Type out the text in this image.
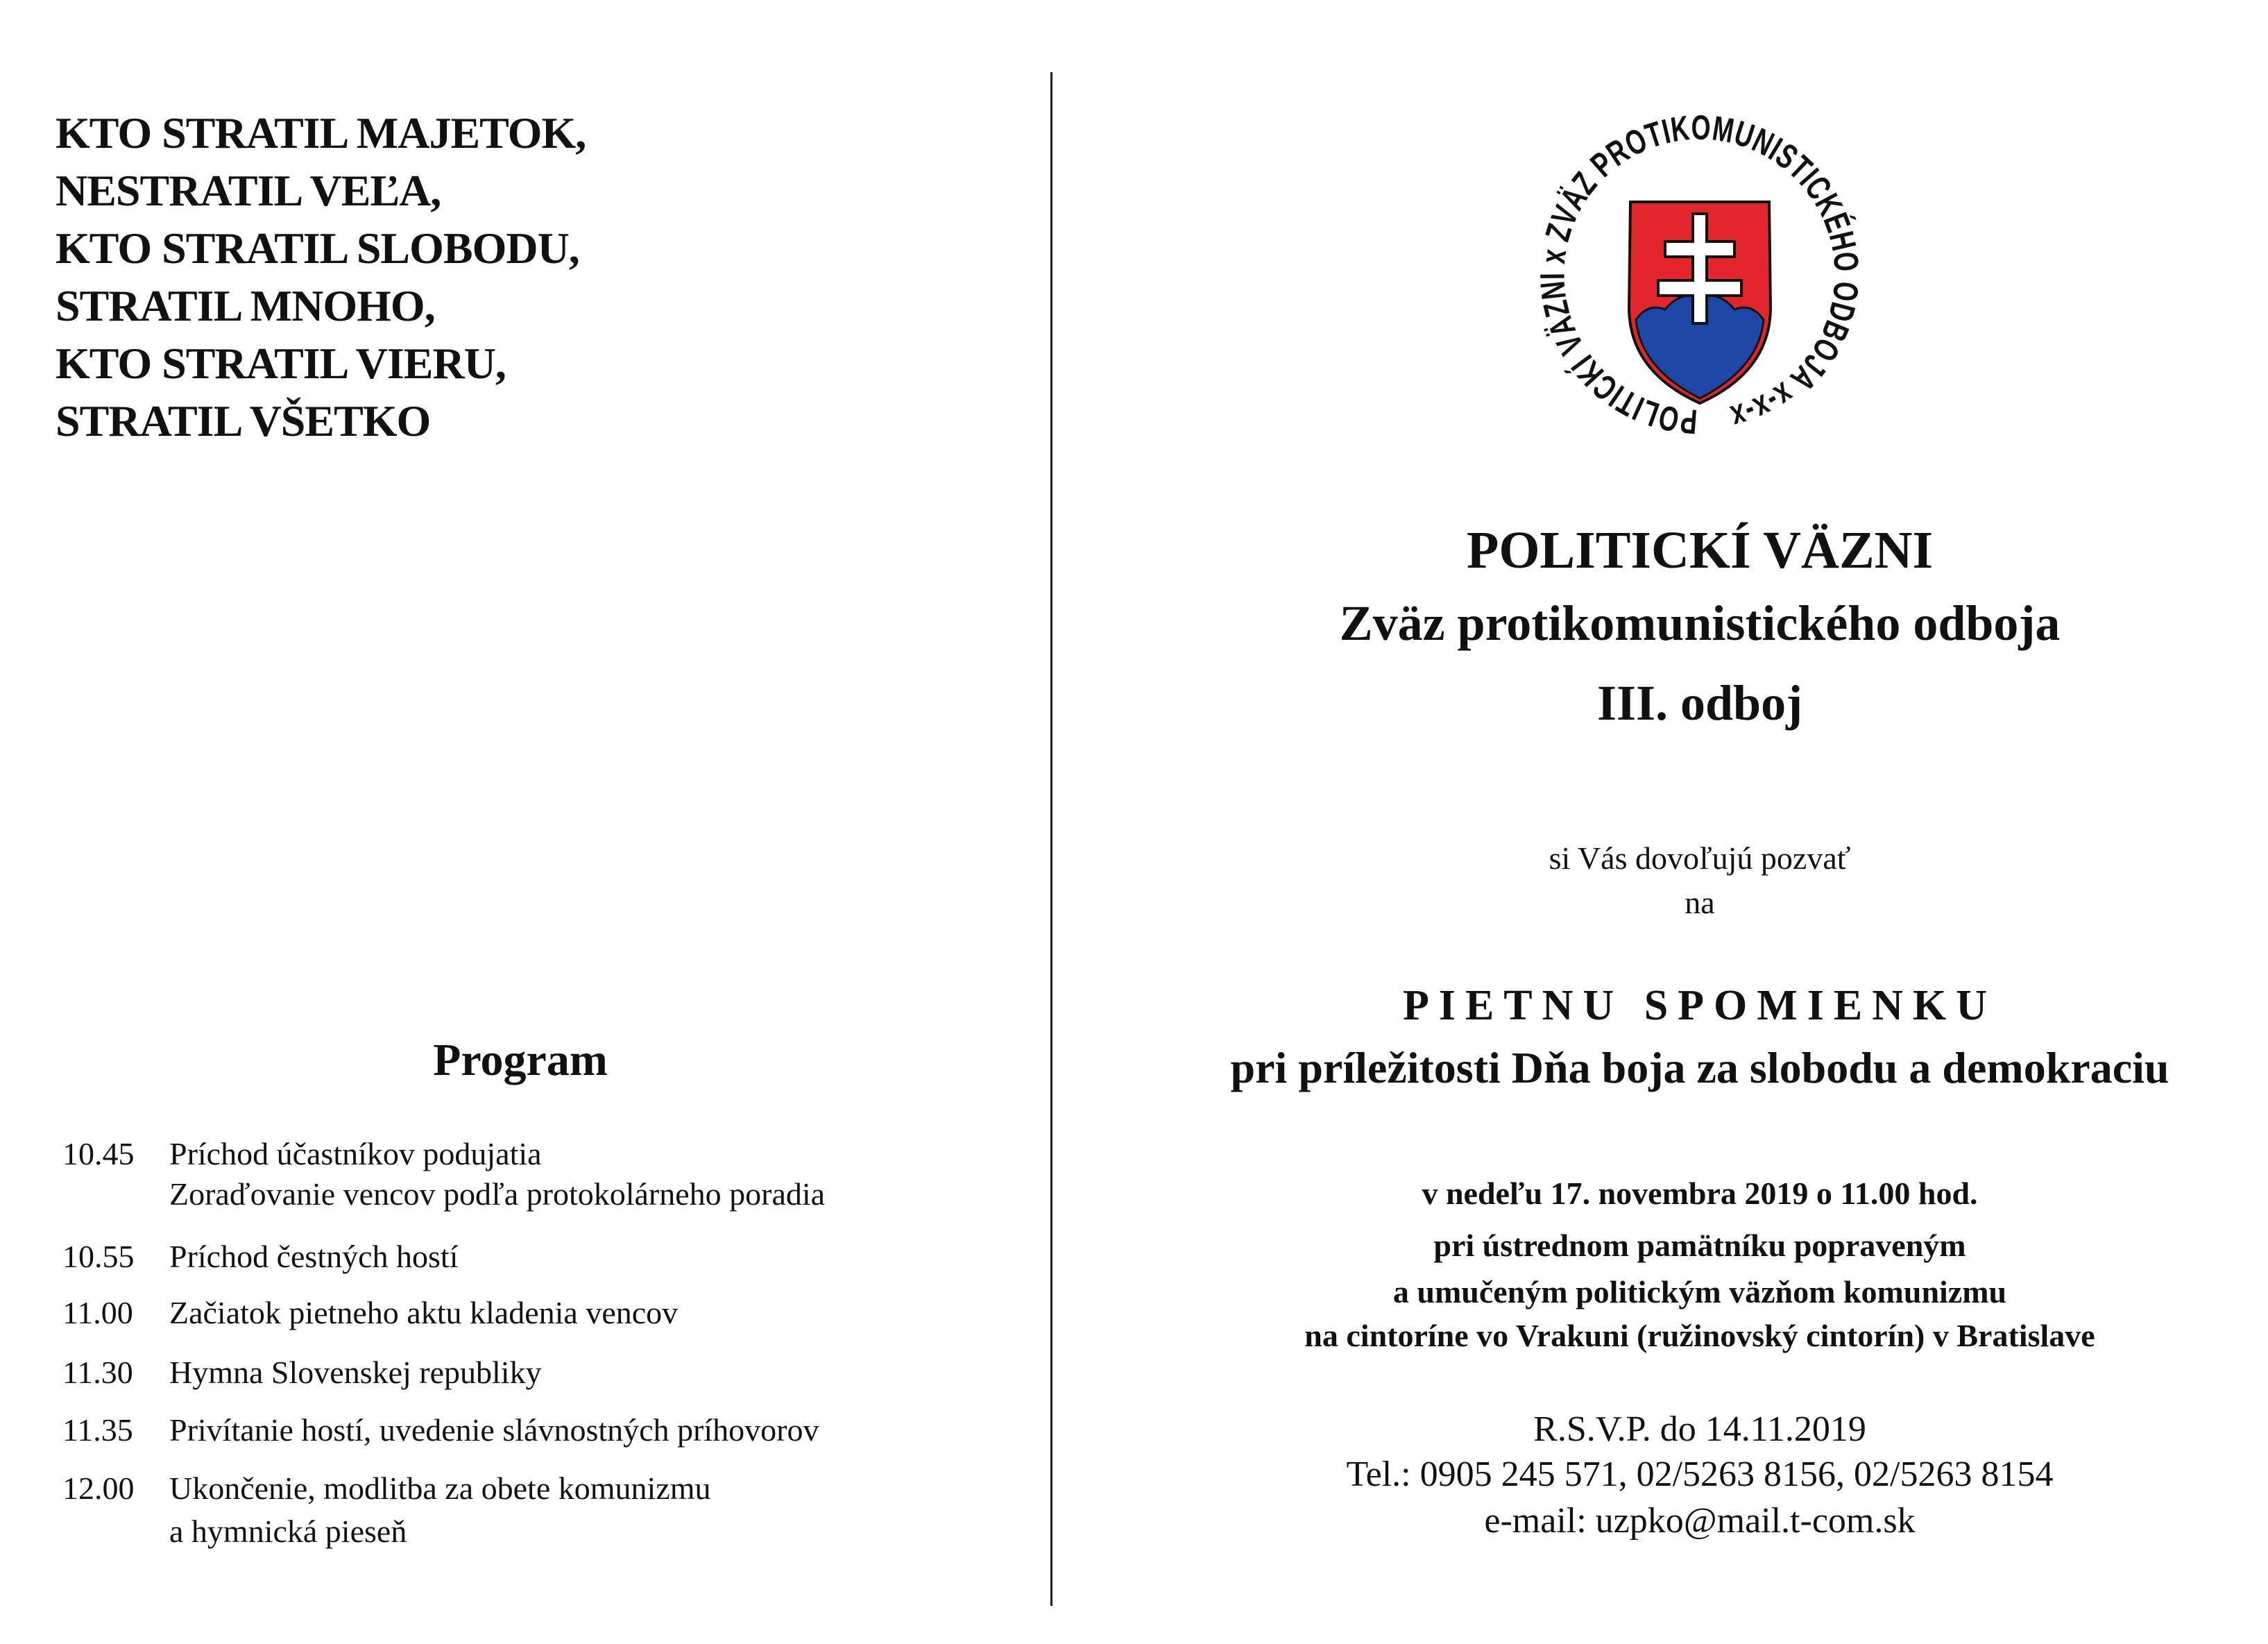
KTO STRATIL MAJETOK,
NESTRATIL VEĽA,
KTO STRATIL SLOBODU,
STRATIL MNOHO,
KTO STRATIL VIERU,
STRATIL VŠETKO
Program
10.45 Príchod účastníkov podujatia
Zoraďovanie vencov podľa protokolárneho poradia
10.55 Príchod čestných hostí
11.00 Začiatok pietneho aktu kladenia vencov
11.30 Hymna Slovenskej republiky
11.35 Privítanie hostí, uvedenie slávnostných príhovorov
12.00 Ukončenie, modlitba za obete komunizmu
a hymnická pieseň
POLITICKÍ VÄZNI x ZVÄZ PROTIKOMUNISTICKÉHO ODBOJA x-x-x
POLITICKÍ VÄZNI
Zväz protikomunistického odboja
III. odboj
si Vás dovoľujú pozvať
na
PIETNU SPOMIENKU
pri príležitosti Dňa boja za slobodu a demokraciu
v nedeľu 17. novembra 2019 o 11.00 hod.
pri ústrednom pamätníku popraveným
a umučeným politickým väzňom komunizmu
na cintoríne vo Vrakuni (ružinovský cintorín) v Bratislave
R.S.V.P. do 14.11.2019
Tel.: 0905 245 571, 02/5263 8156, 02/5263 8154
e-mail: uzpko@mail.t-com.sk
